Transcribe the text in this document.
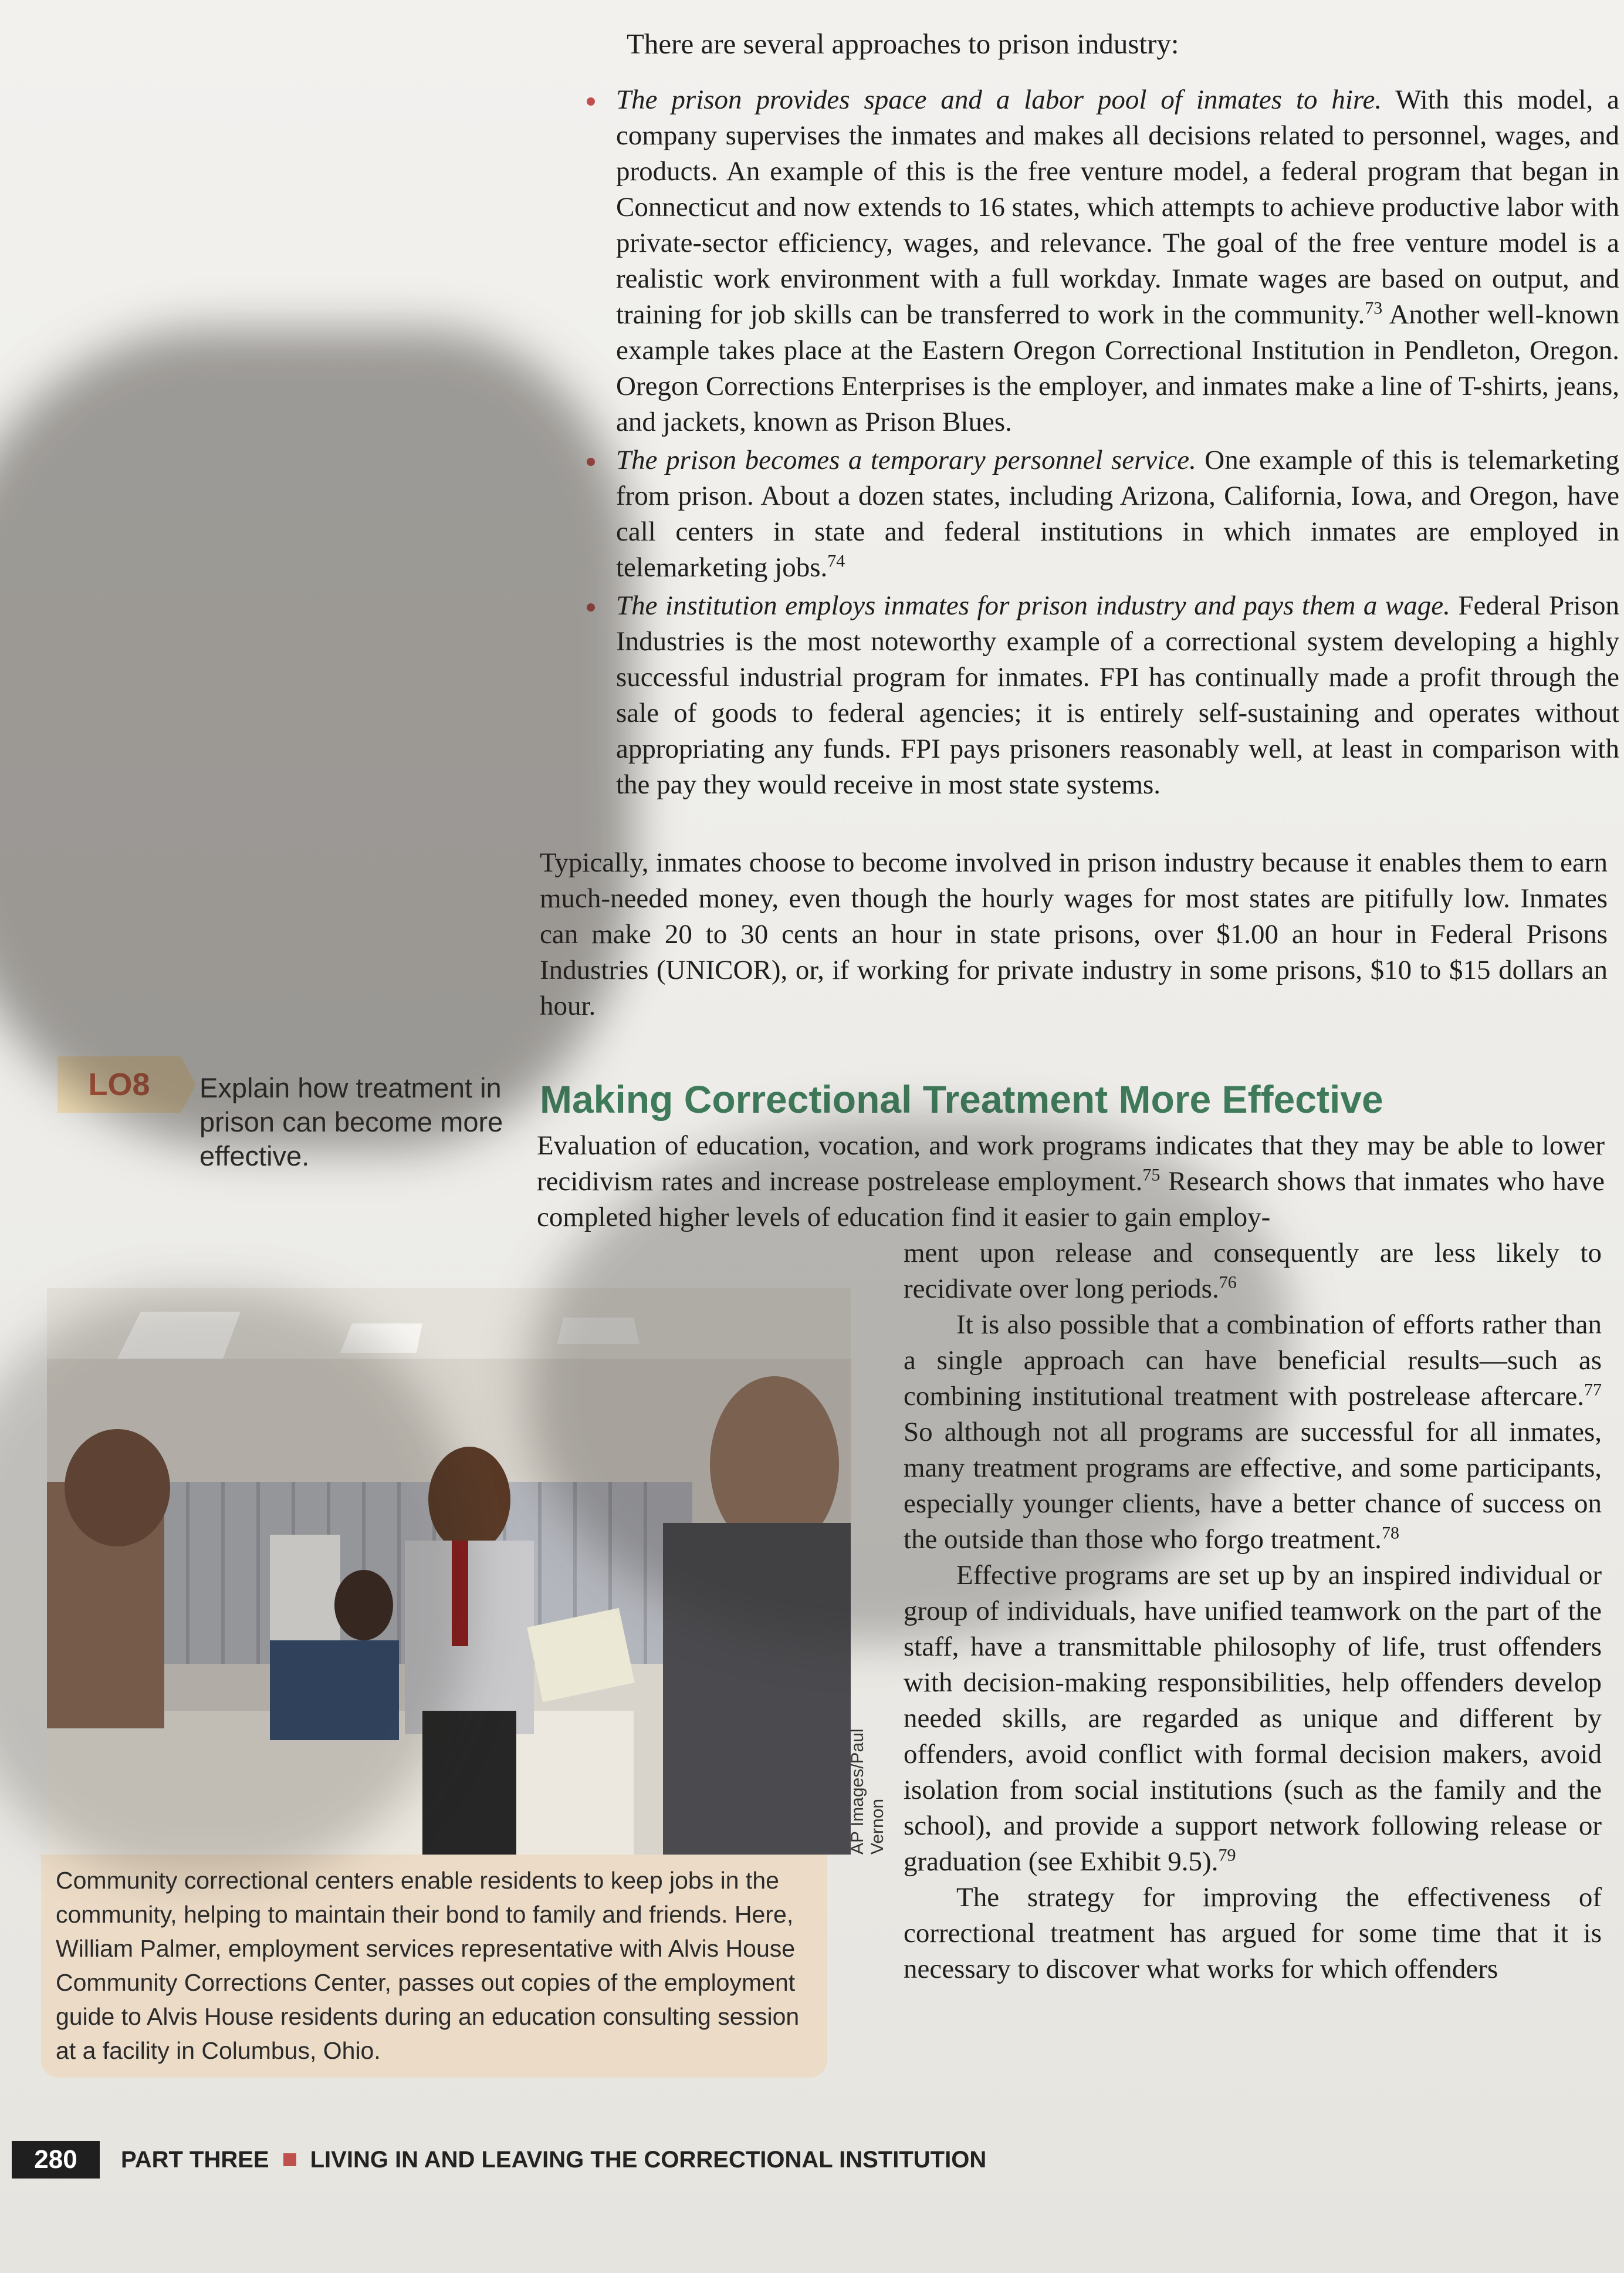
There are several approaches to prison industry:
The prison provides space and a labor pool of inmates to hire. With this model, a company supervises the inmates and makes all decisions related to personnel, wages, and products. An example of this is the free venture model, a federal program that began in Connecticut and now extends to 16 states, which attempts to achieve productive labor with private-sector efficiency, wages, and relevance. The goal of the free venture model is a realistic work environment with a full workday. Inmate wages are based on output, and training for job skills can be transferred to work in the community.$^{73}$ Another well-known example takes place at the Eastern Oregon Correctional Institution in Pendleton, Oregon. Oregon Corrections Enterprises is the employer, and inmates make a line of T-shirts, jeans, and jackets, known as Prison Blues.
The prison becomes a temporary personnel service. One example of this is telemarketing from prison. About a dozen states, including Arizona, California, Iowa, and Oregon, have call centers in state and federal institutions in which inmates are employed in telemarketing jobs.$^{74}$
The institution employs inmates for prison industry and pays them a wage. Federal Prison Industries is the most noteworthy example of a correctional system developing a highly successful industrial program for inmates. FPI has continually made a profit through the sale of goods to federal agencies; it is entirely self-sustaining and operates without appropriating any funds. FPI pays prisoners reasonably well, at least in comparison with the pay they would receive in most state systems.
Typically, inmates choose to become involved in prison industry because it enables them to earn much-needed money, even though the hourly wages for most states are pitifully low. Inmates can make 20 to 30 cents an hour in state prisons, over $1.00 an hour in Federal Prisons Industries (UNICOR), or, if working for private industry in some prisons, $10 to $15 dollars an hour.
LO8	Explain how treatment in prison can become more effective.
Making Correctional Treatment More Effective
Evaluation of education, vocation, and work programs indicates that they may be able to lower recidivism rates and increase postrelease employment.$^{75}$ Research shows that inmates who have completed higher levels of education find it easier to gain employ-

ment upon release and consequently are less likely to recidivate over long periods.$^{76}$

It is also possible that a combination of efforts rather than a single approach can have beneficial results—such as combining institutional treatment with postrelease aftercare.$^{77}$ So although not all programs are successful for all inmates, many treatment programs are effective, and some participants, especially younger clients, have a better chance of success on the outside than those who forgo treatment.$^{78}$

Effective programs are set up by an inspired individual or group of individuals, have unified teamwork on the part of the staff, have a transmittable philosophy of life, trust offenders with decision-making responsibilities, help offenders develop needed skills, are regarded as unique and different by offenders, avoid conflict with formal decision makers, avoid isolation from social institutions (such as the family and the school), and provide a support network following release or graduation (see Exhibit 9.5).$^{79}$

The strategy for improving the effectiveness of correctional treatment has argued for some time that it is necessary to discover what works for which offenders

AP Images/Paul Vernon
Community correctional centers enable residents to keep jobs in the community, helping to maintain their bond to family and friends. Here, William Palmer, employment services representative with Alvis House Community Corrections Center, passes out copies of the employment guide to Alvis House residents during an education consulting session at a facility in Columbus, Ohio.
280	PART THREE LIVING IN AND LEAVING THE CORRECTIONAL INSTITUTION
